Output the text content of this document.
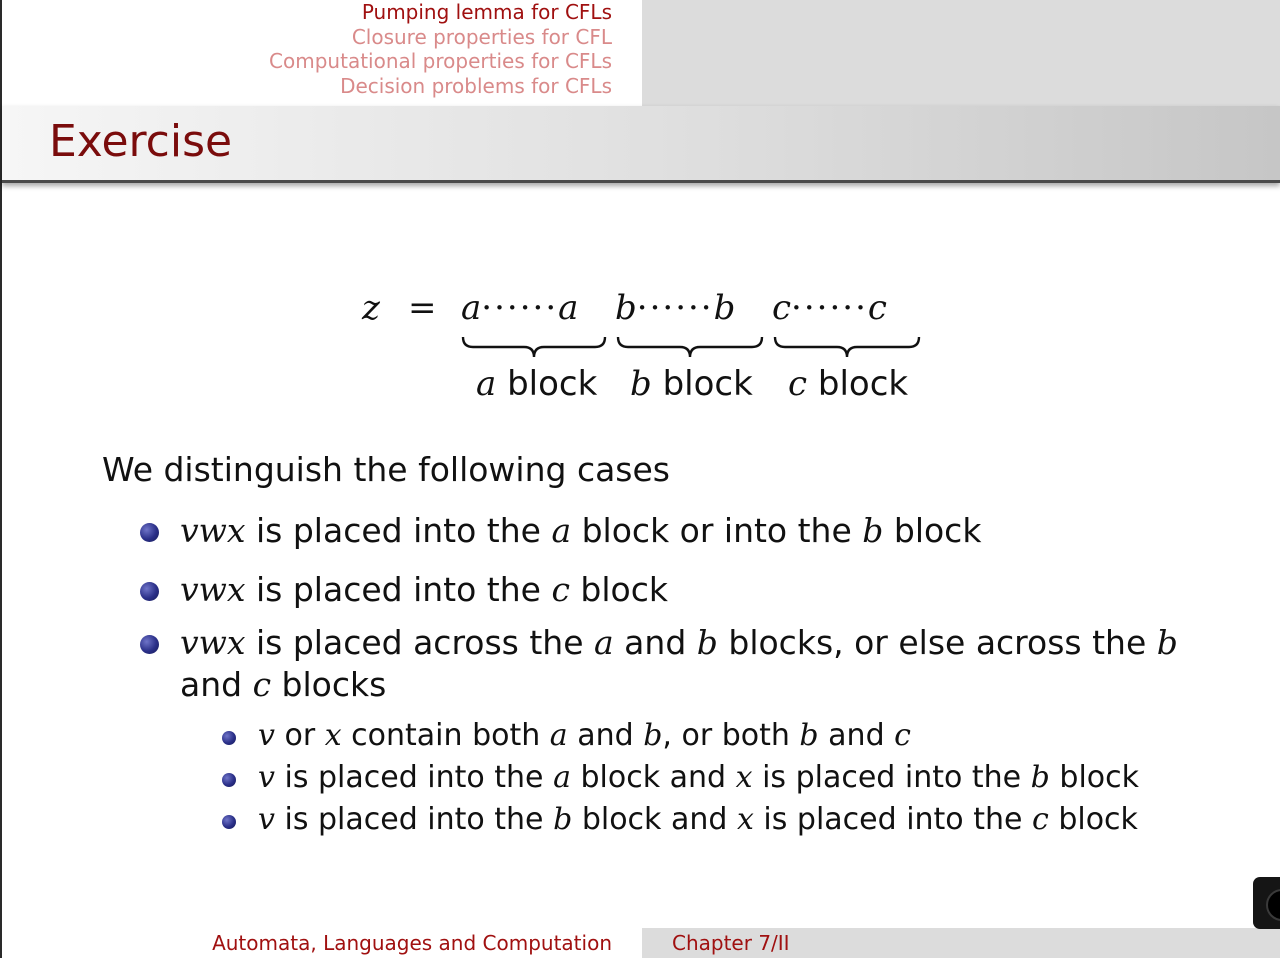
Pumping lemma for CFLs
Closure properties for CFL
Computational properties for CFLs
Decision problems for CFLs
Exercise
z = a······a b······b c······c
a block b block c block
We distinguish the following cases
vwx is placed into the a block or into the b block
vwx is placed into the c block
vwx is placed across the a and b blocks, or else across the b
and c blocks
v or x contain both a and b, or both b and c
v is placed into the a block and x is placed into the b block
v is placed into the b block and x is placed into the c block
Automata, Languages and Computation	Chapter 7/II
